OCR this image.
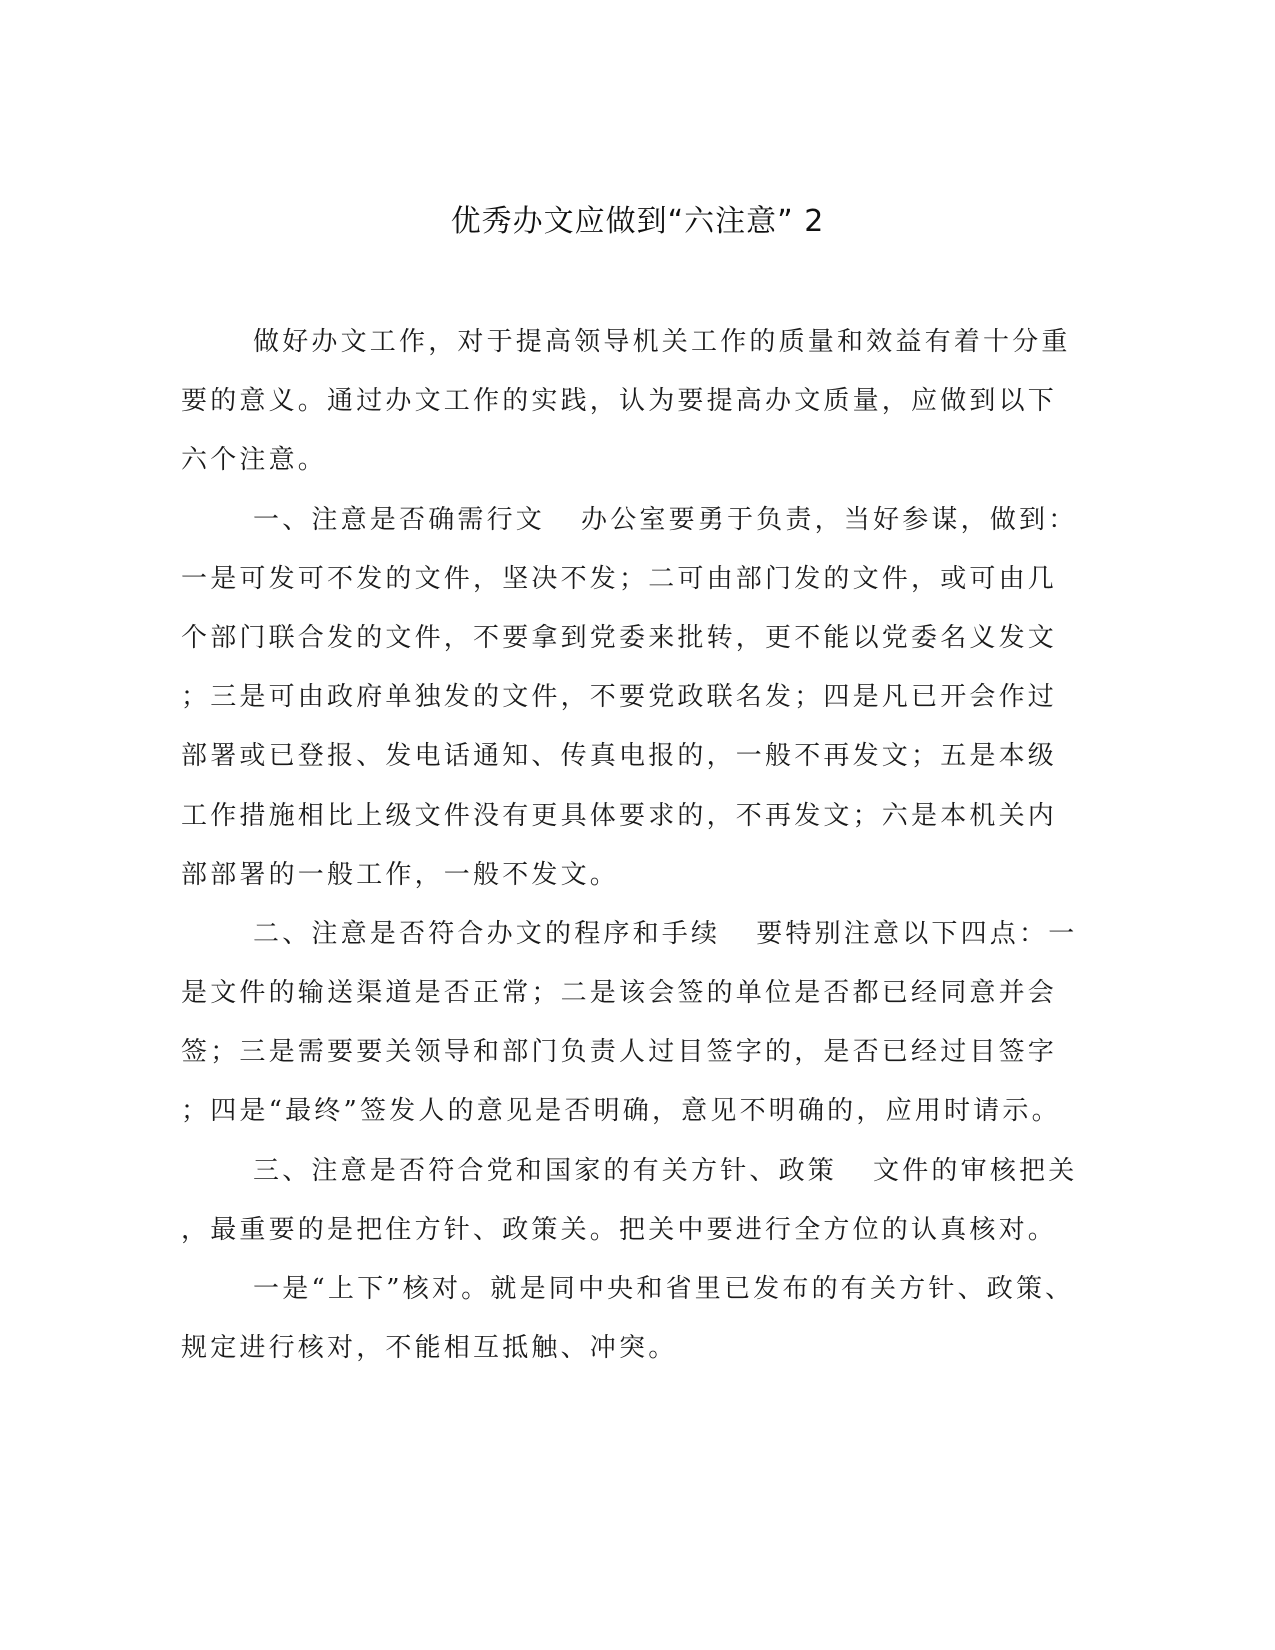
优秀办文应做到“六注意” 2
做好办文工作，对于提高领导机关工作的质量和效益有着十分重
要的意义。通过办文工作的实践，认为要提高办文质量，应做到以下
六个注意。
一、注意是否确需行文 办公室要勇于负责，当好参谋，做到：
一是可发可不发的文件，坚决不发；二可由部门发的文件，或可由几
个部门联合发的文件，不要拿到党委来批转，更不能以党委名义发文
；三是可由政府单独发的文件，不要党政联名发；四是凡已开会作过
部署或已登报、发电话通知、传真电报的，一般不再发文；五是本级
工作措施相比上级文件没有更具体要求的，不再发文；六是本机关内
部部署的一般工作，一般不发文。
二、注意是否符合办文的程序和手续 要特别注意以下四点：一
是文件的输送渠道是否正常；二是该会签的单位是否都已经同意并会
签；三是需要要关领导和部门负责人过目签字的，是否已经过目签字
；四是“最终”签发人的意见是否明确，意见不明确的，应用时请示。
三、注意是否符合党和国家的有关方针、政策 文件的审核把关
，最重要的是把住方针、政策关。把关中要进行全方位的认真核对。
一是“上下”核对。就是同中央和省里已发布的有关方针、政策、
规定进行核对，不能相互抵触、冲突。
